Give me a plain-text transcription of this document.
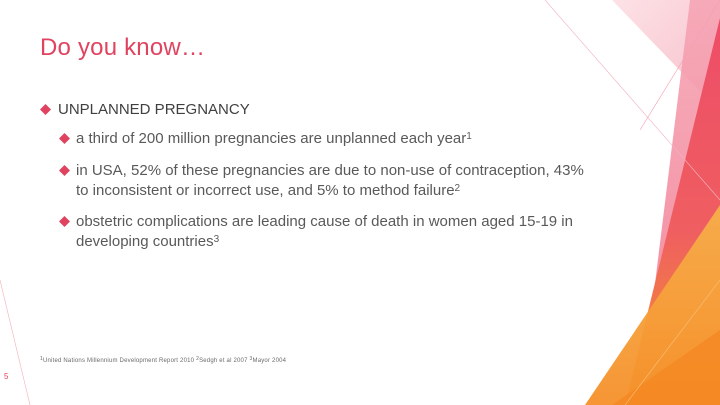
Do you know…
UNPLANNED PREGNANCY
a third of 200 million pregnancies are unplanned each year$^1$
in USA, 52% of these pregnancies are due to non-use of contraception, 43% to inconsistent or incorrect use, and 5% to method failure$^2$
obstetric complications are leading cause of death in women aged 15-19 in developing countries$^3$
$^1$United Nations Millennium Development Report 2010 $^2$Sedgh et al 2007 $^3$Mayor 2004
5
